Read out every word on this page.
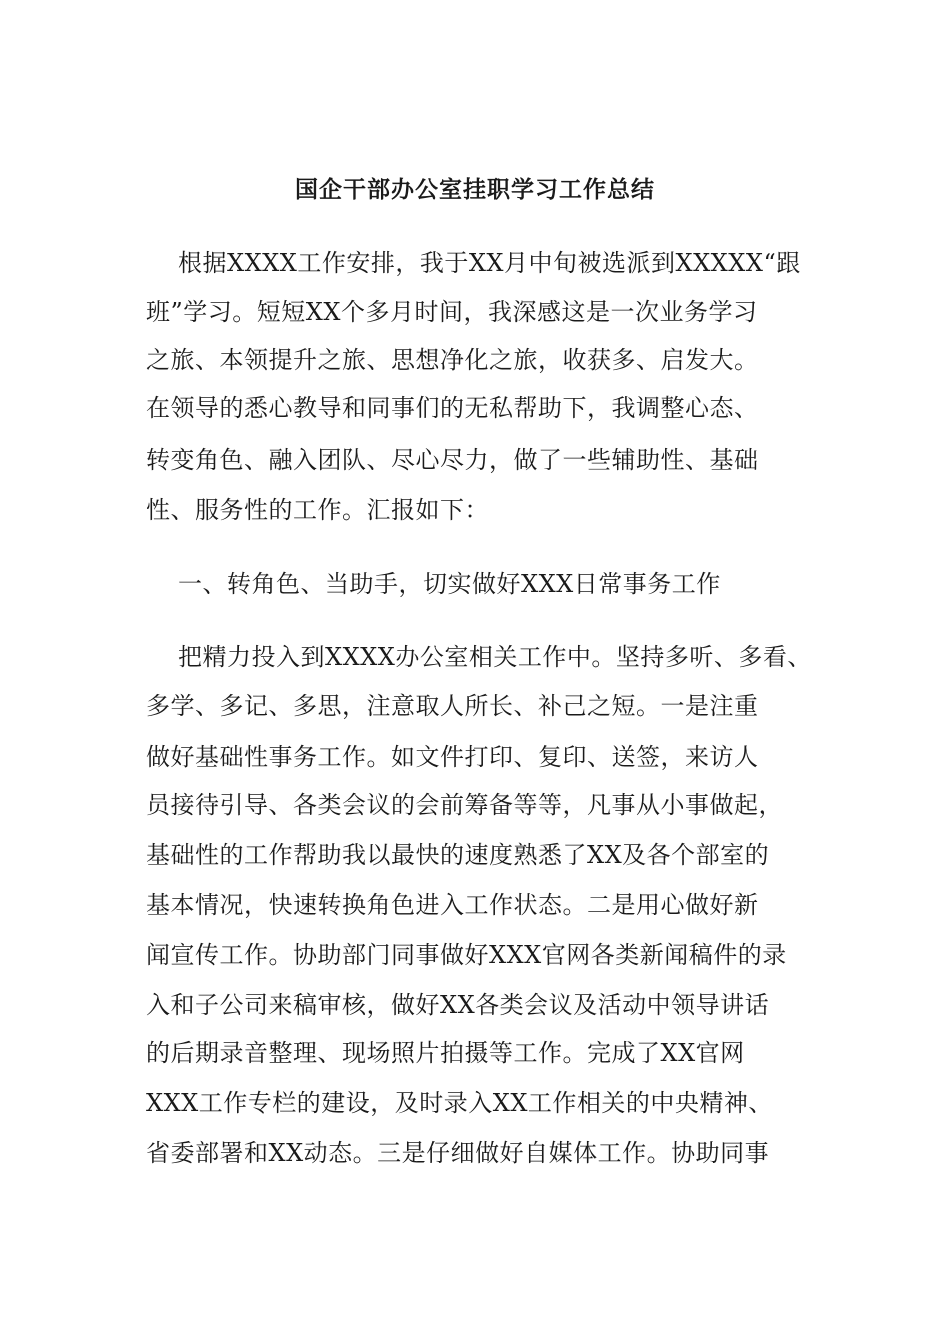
国企干部办公室挂职学习工作总结
根据XXXX工作安排，我于XX月中旬被选派到XXXXX“跟
班”学习。短短XX个多月时间，我深感这是一次业务学习
之旅、本领提升之旅、思想净化之旅，收获多、启发大。
在领导的悉心教导和同事们的无私帮助下，我调整心态、
转变角色、融入团队、尽心尽力，做了一些辅助性、基础
性、服务性的工作。汇报如下：
一、转角色、当助手，切实做好XXX日常事务工作
把精力投入到XXXX办公室相关工作中。坚持多听、多看、
多学、多记、多思，注意取人所长、补己之短。一是注重
做好基础性事务工作。如文件打印、复印、送签，来访人
员接待引导、各类会议的会前筹备等等，凡事从小事做起，
基础性的工作帮助我以最快的速度熟悉了XX及各个部室的
基本情况，快速转换角色进入工作状态。二是用心做好新
闻宣传工作。协助部门同事做好XXX官网各类新闻稿件的录
入和子公司来稿审核，做好XX各类会议及活动中领导讲话
的后期录音整理、现场照片拍摄等工作。完成了XX官网
XXX工作专栏的建设，及时录入XX工作相关的中央精神、
省委部署和XX动态。三是仔细做好自媒体工作。协助同事
